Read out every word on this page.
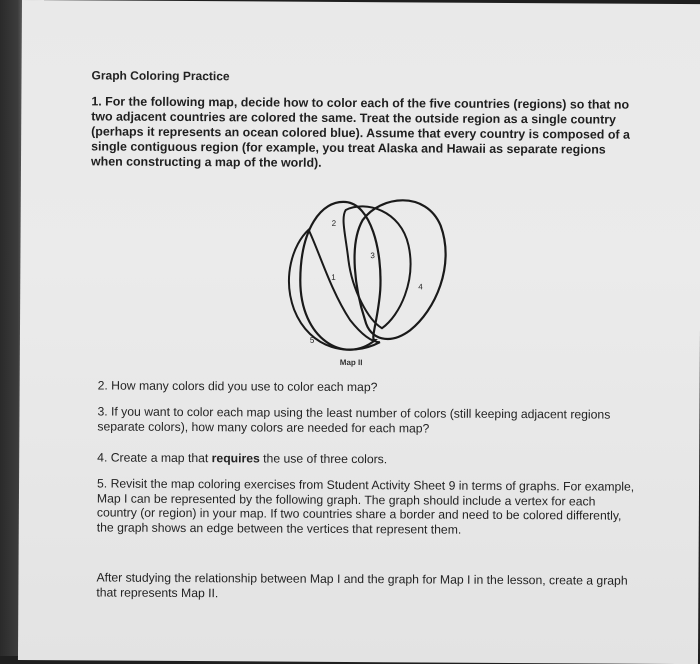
Graph Coloring Practice
1. For the following map, decide how to color each of the five countries (regions) so that no two adjacent countries are colored the same. Treat the outside region as a single country (perhaps it represents an ocean colored blue). Assume that every country is composed of a single contiguous region (for example, you treat Alaska and Hawaii as separate regions when constructing a map of the world).
1
2
3
4
5
Map II
2. How many colors did you use to color each map?
3. If you want to color each map using the least number of colors (still keeping adjacent regions separate colors), how many colors are needed for each map?
4. Create a map that requires the use of three colors.
5. Revisit the map coloring exercises from Student Activity Sheet 9 in terms of graphs. For example, Map I can be represented by the following graph. The graph should include a vertex for each country (or region) in your map. If two countries share a border and need to be colored differently, the graph shows an edge between the vertices that represent them.
After studying the relationship between Map I and the graph for Map I in the lesson, create a graph that represents Map II.
